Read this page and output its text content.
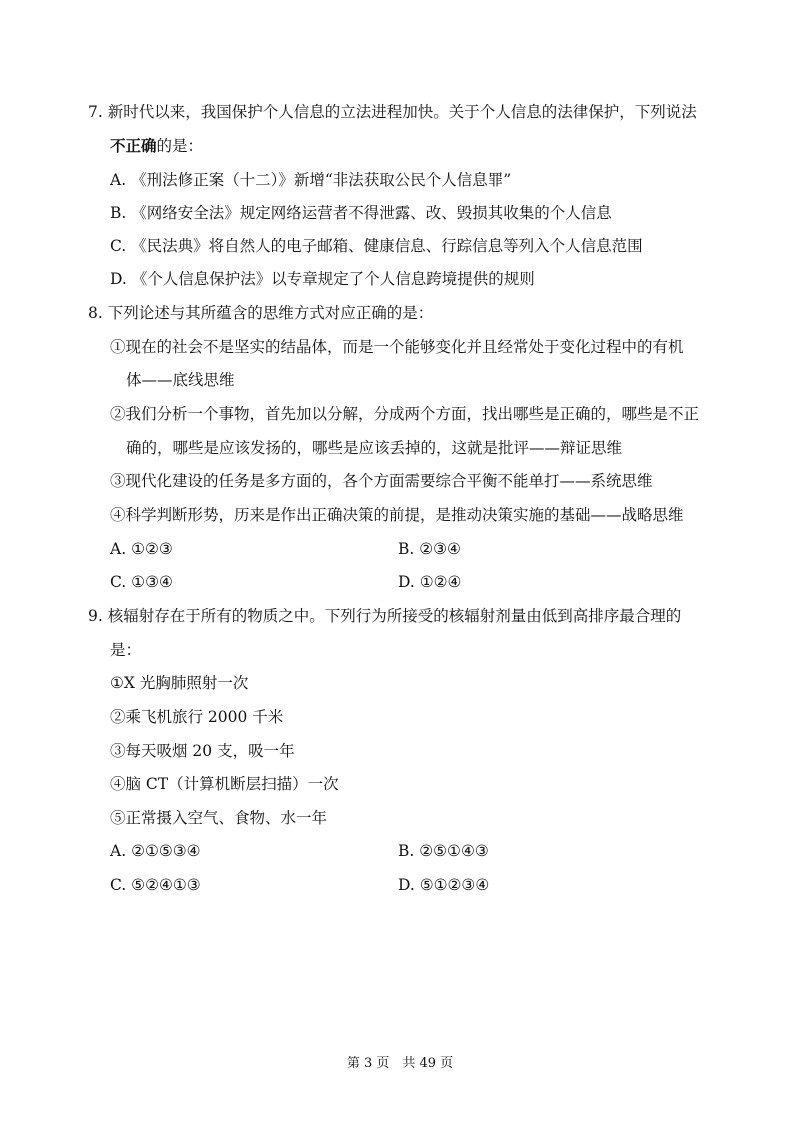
7. 新时代以来，我国保护个人信息的立法进程加快。关于个人信息的法律保护，下列说法
不正确的是：
A. 《刑法修正案（十二）》新增“非法获取公民个人信息罪”
B. 《网络安全法》规定网络运营者不得泄露、改、毁损其收集的个人信息
C. 《民法典》将自然人的电子邮箱、健康信息、行踪信息等列入个人信息范围
D. 《个人信息保护法》以专章规定了个人信息跨境提供的规则
8. 下列论述与其所蕴含的思维方式对应正确的是：
①现在的社会不是坚实的结晶体，而是一个能够变化并且经常处于变化过程中的有机
体——底线思维
②我们分析一个事物，首先加以分解，分成两个方面，找出哪些是正确的，哪些是不正
确的，哪些是应该发扬的，哪些是应该丢掉的，这就是批评——辩证思维
③现代化建设的任务是多方面的，各个方面需要综合平衡不能单打——系统思维
④科学判断形势，历来是作出正确决策的前提，是推动决策实施的基础——战略思维
A. ①②③	B. ②③④
C. ①③④	D. ①②④
9. 核辐射存在于所有的物质之中。下列行为所接受的核辐射剂量由低到高排序最合理的
是：
①X 光胸肺照射一次
②乘飞机旅行 2000 千米
③每天吸烟 20 支，吸一年
④脑 CT（计算机断层扫描）一次
⑤正常摄入空气、食物、水一年
A. ②①⑤③④	B. ②⑤①④③
C. ⑤②④①③	D. ⑤①②③④
第 3 页　共 49 页
